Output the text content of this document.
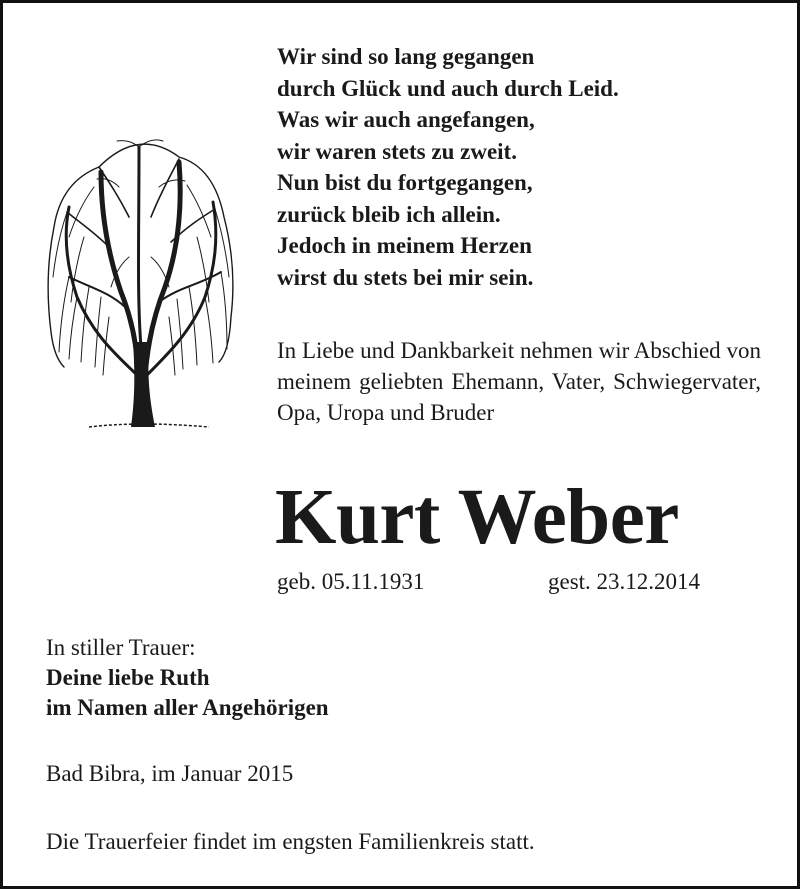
Wir sind so lang gegangen
durch Glück und auch durch Leid.
Was wir auch angefangen,
wir waren stets zu zweit.
Nun bist du fortgegangen,
zurück bleib ich allein.
Jedoch in meinem Herzen
wirst du stets bei mir sein.
In Liebe und Dankbarkeit nehmen wir Abschied von meinem geliebten Ehemann, Vater, Schwiegervater, Opa, Uropa und Bruder
Kurt Weber
geb. 05.11.1931	gest. 23.12.2014
In stiller Trauer:
Deine liebe Ruth
im Namen aller Angehörigen
Bad Bibra, im Januar 2015
Die Trauerfeier findet im engsten Familienkreis statt.
